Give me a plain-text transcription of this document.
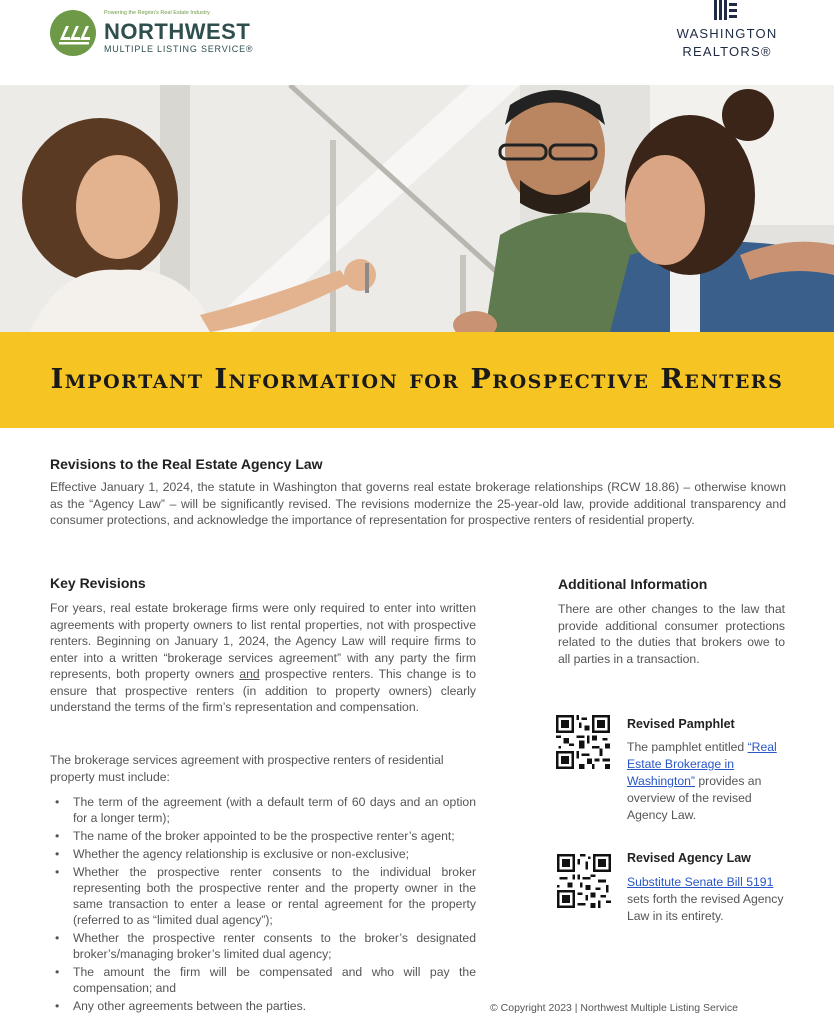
Powering the Region's Real Estate Industry
NORTHWEST
MULTIPLE LISTING SERVICE®
WASHINGTON
REALTORS®
Important Information for Prospective Renters
Revisions to the Real Estate Agency Law
Effective January 1, 2024, the statute in Washington that governs real estate brokerage relationships (RCW 18.86) – otherwise known as the “Agency Law” – will be significantly revised. The revisions modernize the 25-year-old law, provide additional transparency and consumer protections, and acknowledge the importance of representation for prospective renters of residential property.
Key Revisions
For years, real estate brokerage firms were only required to enter into written agreements with property owners to list rental properties, not with prospective renters. Beginning on January 1, 2024, the Agency Law will require firms to enter into a written “brokerage services agreement” with any party the firm represents, both property owners and prospective renters. This change is to ensure that prospective renters (in addition to property owners) clearly understand the terms of the firm’s representation and compensation.
The brokerage services agreement with prospective renters of residential property must include:
• The term of the agreement (with a default term of 60 days and an option for a longer term);
• The name of the broker appointed to be the prospective renter’s agent;
• Whether the agency relationship is exclusive or non-exclusive;
• Whether the prospective renter consents to the individual broker representing both the prospective renter and the property owner in the same transaction to enter a lease or rental agreement for the property (referred to as “limited dual agency”);
• Whether the prospective renter consents to the broker’s designated broker’s/managing broker’s limited dual agency;
• The amount the firm will be compensated and who will pay the compensation; and
• Any other agreements between the parties.
Additional Information
There are other changes to the law that provide additional consumer protections related to the duties that brokers owe to all parties in a transaction.
Revised Pamphlet
The pamphlet entitled “Real Estate Brokerage in Washington” provides an overview of the revised Agency Law.
Revised Agency Law
Substitute Senate Bill 5191 sets forth the revised Agency Law in its entirety.
© Copyright 2023 | Northwest Multiple Listing Service
